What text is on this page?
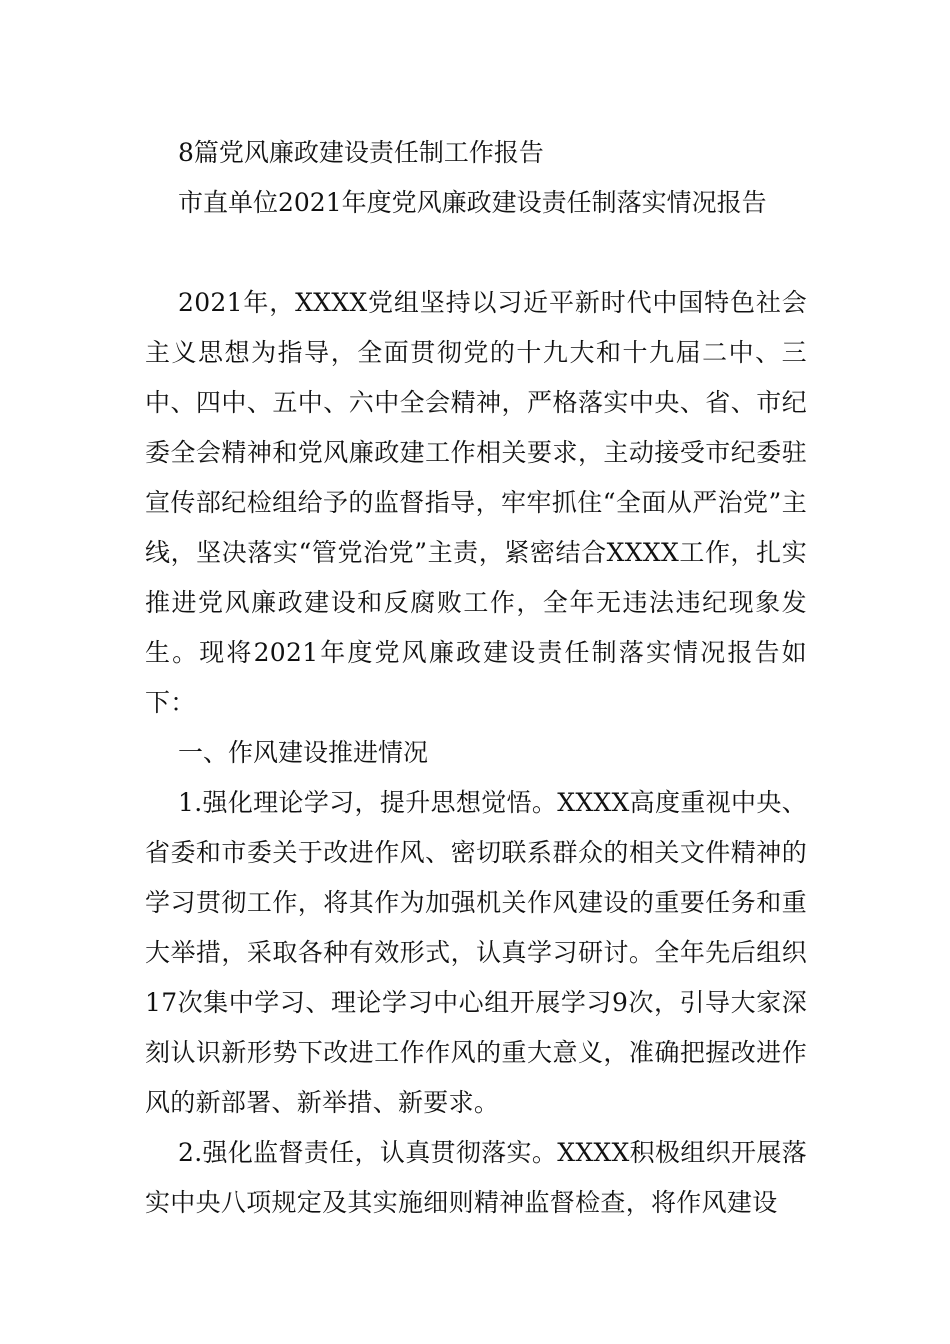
8篇党风廉政建设责任制工作报告
市直单位2021年度党风廉政建设责任制落实情况报告

2021年，XXXX党组坚持以习近平新时代中国特色社会主义思想为指导，全面贯彻党的十九大和十九届二中、三中、四中、五中、六中全会精神，严格落实中央、省、市纪委全会精神和党风廉政建工作相关要求，主动接受市纪委驻宣传部纪检组给予的监督指导，牢牢抓住“全面从严治党”主线，坚决落实“管党治党”主责，紧密结合XXXX工作，扎实推进党风廉政建设和反腐败工作，全年无违法违纪现象发生。现将2021年度党风廉政建设责任制落实情况报告如下：

一、作风建设推进情况

1.强化理论学习，提升思想觉悟。XXXX高度重视中央、省委和市委关于改进作风、密切联系群众的相关文件精神的学习贯彻工作，将其作为加强机关作风建设的重要任务和重大举措，采取各种有效形式，认真学习研讨。全年先后组织17次集中学习、理论学习中心组开展学习9次，引导大家深刻认识新形势下改进工作作风的重大意义，准确把握改进作风的新部署、新举措、新要求。

2.强化监督责任，认真贯彻落实。XXXX积极组织开展落实中央八项规定及其实施细则精神监督检查，将作风建设
